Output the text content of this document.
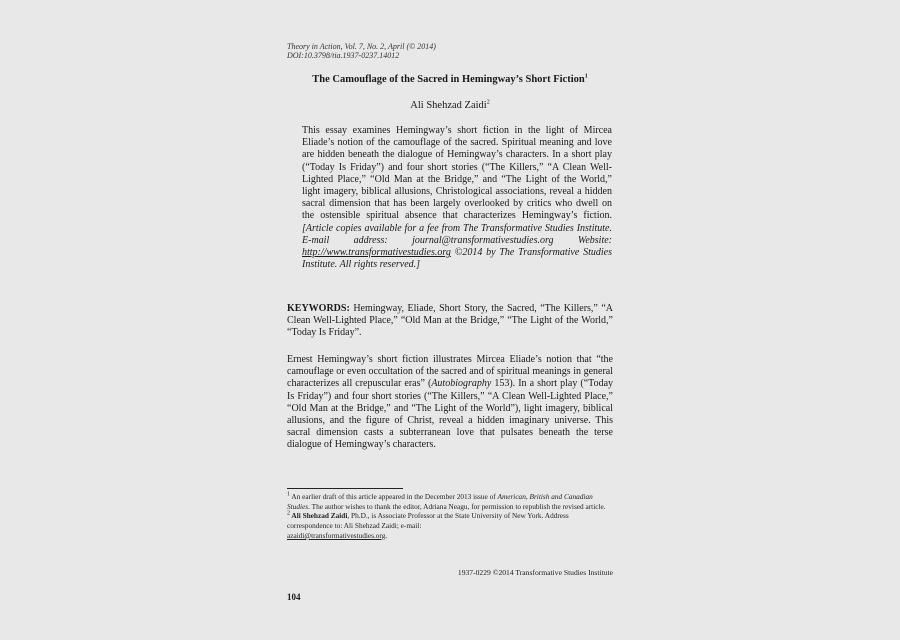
Theory in Action, Vol. 7, No. 2, April (© 2014)
DOI:10.3798/tia.1937-0237.14012
The Camouflage of the Sacred in Hemingway’s Short Fiction$^1$
Ali Shehzad Zaidi$^2$
This essay examines Hemingway’s short fiction in the light of Mircea Eliade’s notion of the camouflage of the sacred. Spiritual meaning and love are hidden beneath the dialogue of Hemingway’s characters. In a short play (“Today Is Friday”) and four short stories (“The Killers,” “A Clean Well-Lighted Place,” “Old Man at the Bridge,” and “The Light of the World,” light imagery, biblical allusions, Christological associations, reveal a hidden sacral dimension that has been largely overlooked by critics who dwell on the ostensible spiritual absence that characterizes Hemingway’s fiction. [Article copies available for a fee from The Transformative Studies Institute. E-mail address: journal@transformativestudies.org Website: http://www.transformativestudies.org ©2014 by The Transformative Studies Institute. All rights reserved.]
KEYWORDS: Hemingway, Eliade, Short Story, the Sacred, “The Killers,” “A Clean Well-Lighted Place,” “Old Man at the Bridge,” “The Light of the World,” “Today Is Friday”.
Ernest Hemingway’s short fiction illustrates Mircea Eliade’s notion that “the camouflage or even occultation of the sacred and of spiritual meanings in general characterizes all crepuscular eras” (Autobiography 153). In a short play (“Today Is Friday”) and four short stories (“The Killers,” “A Clean Well-Lighted Place,” “Old Man at the Bridge,” and “The Light of the World”), light imagery, biblical allusions, and the figure of Christ, reveal a hidden imaginary universe. This sacral dimension casts a subterranean love that pulsates beneath the terse dialogue of Hemingway’s characters.
$^1$ An earlier draft of this article appeared in the December 2013 issue of American, British and Canadian Studies. The author wishes to thank the editor, Adriana Neagu, for permission to republish the revised article.
$^2$ Ali Shehzad Zaidi, Ph.D., is Associate Professor at the State University of New York. Address correspondence to: Ali Shehzad Zaidi; e-mail:
azaidi@transformativestudies.org.
1937-0229 ©2014 Transformative Studies Institute
104
